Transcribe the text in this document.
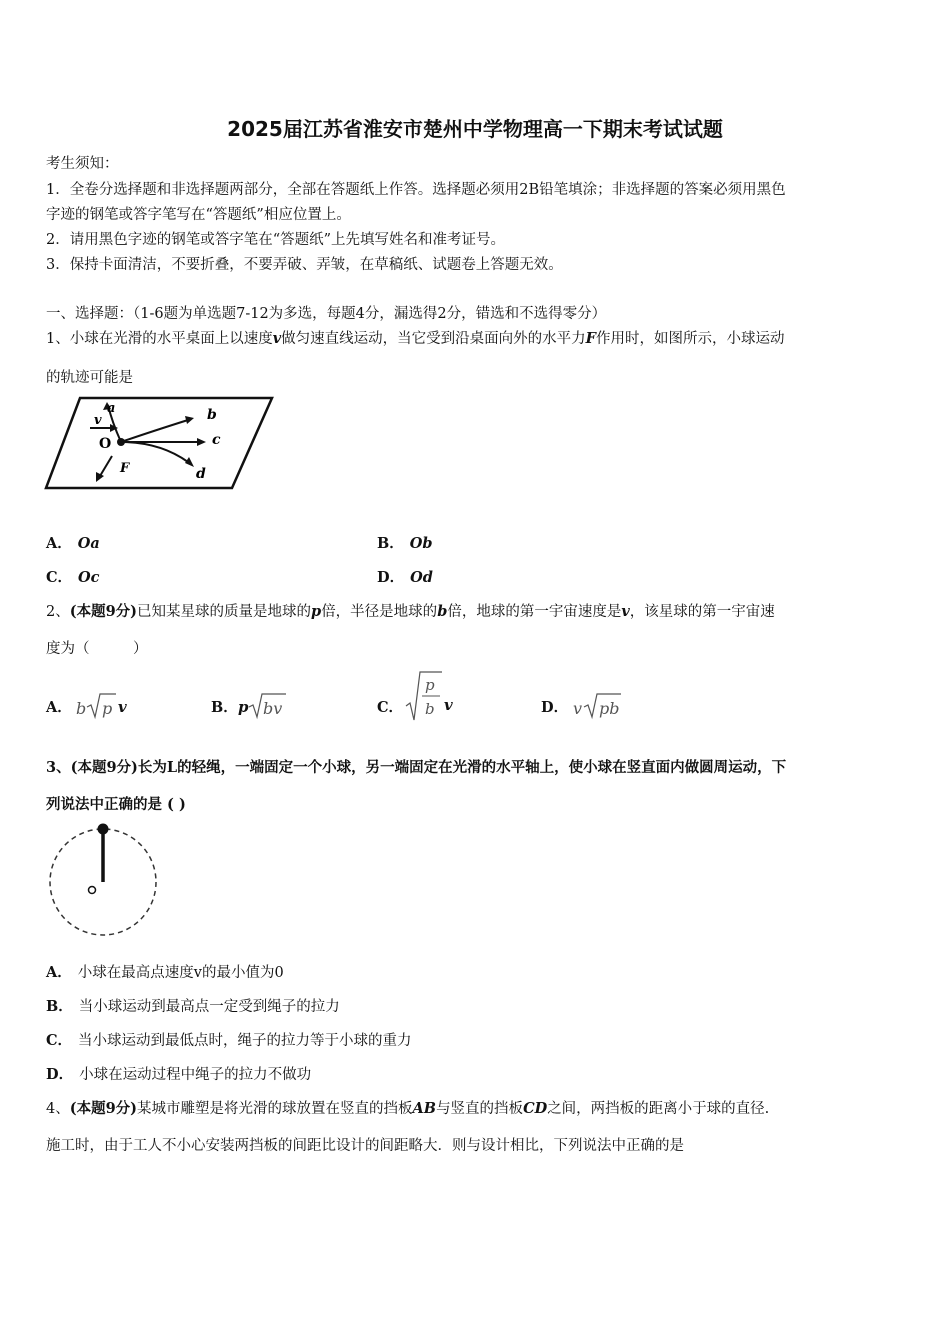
2025届江苏省淮安市楚州中学物理高一下期末考试试题
考生须知：
1．全卷分选择题和非选择题两部分，全部在答题纸上作答。选择题必须用2B铅笔填涂；非选择题的答案必须用黑色
字迹的钢笔或答字笔写在“答题纸”相应位置上。
2．请用黑色字迹的钢笔或答字笔在“答题纸”上先填写姓名和准考证号。
3．保持卡面清洁，不要折叠，不要弄破、弄皱，在草稿纸、试题卷上答题无效。
一、选择题：（1-6题为单选题7-12为多选，每题4分，漏选得2分，错选和不选得零分）
1、小球在光滑的水平桌面上以速度v做匀速直线运动，当它受到沿桌面向外的水平力F作用时，如图所示，小球运动
的轨迹可能是
a
v
O
b
c
d
F
A． Oa	B． Ob
C． Oc	D． Od
2、(本题9分)已知某星球的质量是地球的p倍，半径是地球的b倍，地球的第一宇宙速度是v，该星球的第一宇宙速
度为（　　　）
A． b p v	B． p bv	C．
p
b v	D． v pb
3、(本题9分)长为L的轻绳，一端固定一个小球，另一端固定在光滑的水平轴上，使小球在竖直面内做圆周运动，下
列说法中正确的是 ( )
A． 小球在最高点速度v的最小值为0
B． 当小球运动到最高点一定受到绳子的拉力
C． 当小球运动到最低点时，绳子的拉力等于小球的重力
D． 小球在运动过程中绳子的拉力不做功
4、(本题9分)某城市雕塑是将光滑的球放置在竖直的挡板AB与竖直的挡板CD之间，两挡板的距离小于球的直径.
施工时，由于工人不小心安装两挡板的间距比设计的间距略大．则与设计相比，下列说法中正确的是
